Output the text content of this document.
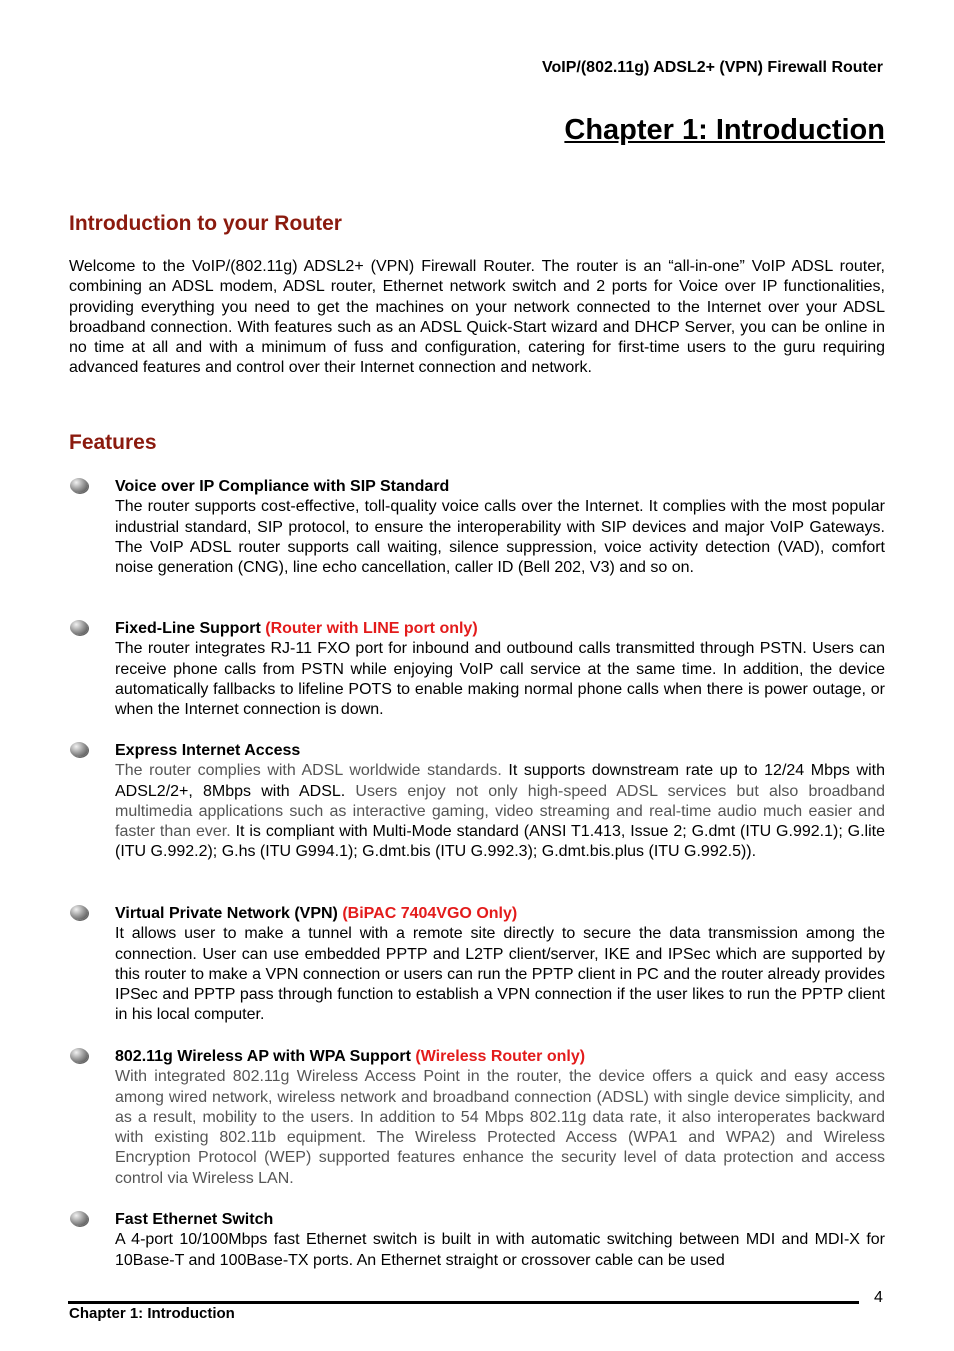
VoIP/(802.11g) ADSL2+ (VPN) Firewall Router
Chapter 1: Introduction
Introduction to your Router

Welcome to the VoIP/(802.11g) ADSL2+ (VPN) Firewall Router. The router is an “all-in-one” VoIP ADSL router, combining an ADSL modem, ADSL router, Ethernet network switch and 2 ports for Voice over IP functionalities, providing everything you need to get the machines on your network connected to the Internet over your ADSL broadband connection. With features such as an ADSL Quick-Start wizard and DHCP Server, you can be online in no time at all and with a minimum of fuss and configuration, catering for first-time users to the guru requiring advanced features and control over their Internet connection and network.

Features
Voice over IP Compliance with SIP Standard

The router supports cost-effective, toll-quality voice calls over the Internet. It complies with the most popular industrial standard, SIP protocol, to ensure the interoperability with SIP devices and major VoIP Gateways. The VoIP ADSL router supports call waiting, silence suppression, voice activity detection (VAD), comfort noise generation (CNG), line echo cancellation, caller ID (Bell 202, V3) and so on.

Fixed-Line Support (Router with LINE port only)

The router integrates RJ-11 FXO port for inbound and outbound calls transmitted through PSTN. Users can receive phone calls from PSTN while enjoying VoIP call service at the same time. In addition, the device automatically fallbacks to lifeline POTS to enable making normal phone calls when there is power outage, or when the Internet connection is down.

Express Internet Access

The router complies with ADSL worldwide standards. It supports downstream rate up to 12/24 Mbps with ADSL2/2+, 8Mbps with ADSL. Users enjoy not only high-speed ADSL services but also broadband multimedia applications such as interactive gaming, video streaming and real-time audio much easier and faster than ever. It is compliant with Multi-Mode standard (ANSI T1.413, Issue 2; G.dmt (ITU G.992.1); G.lite (ITU G.992.2); G.hs (ITU G994.1); G.dmt.bis (ITU G.992.3); G.dmt.bis.plus (ITU G.992.5)).

Virtual Private Network (VPN) (BiPAC 7404VGO Only)

It allows user to make a tunnel with a remote site directly to secure the data transmission among the connection. User can use embedded PPTP and L2TP client/server, IKE and IPSec which are supported by this router to make a VPN connection or users can run the PPTP client in PC and the router already provides IPSec and PPTP pass through function to establish a VPN connection if the user likes to run the PPTP client in his local computer.

802.11g Wireless AP with WPA Support (Wireless Router only)

With integrated 802.11g Wireless Access Point in the router, the device offers a quick and easy access among wired network, wireless network and broadband connection (ADSL) with single device simplicity, and as a result, mobility to the users. In addition to 54 Mbps 802.11g data rate, it also interoperates backward with existing 802.11b equipment. The Wireless Protected Access (WPA1 and WPA2) and Wireless Encryption Protocol (WEP) supported features enhance the security level of data protection and access control via Wireless LAN.

Fast Ethernet Switch

A 4-port 10/100Mbps fast Ethernet switch is built in with automatic switching between MDI and MDI-X for 10Base-T and 100Base-TX ports. An Ethernet straight or crossover cable can be used

4
Chapter 1: Introduction
